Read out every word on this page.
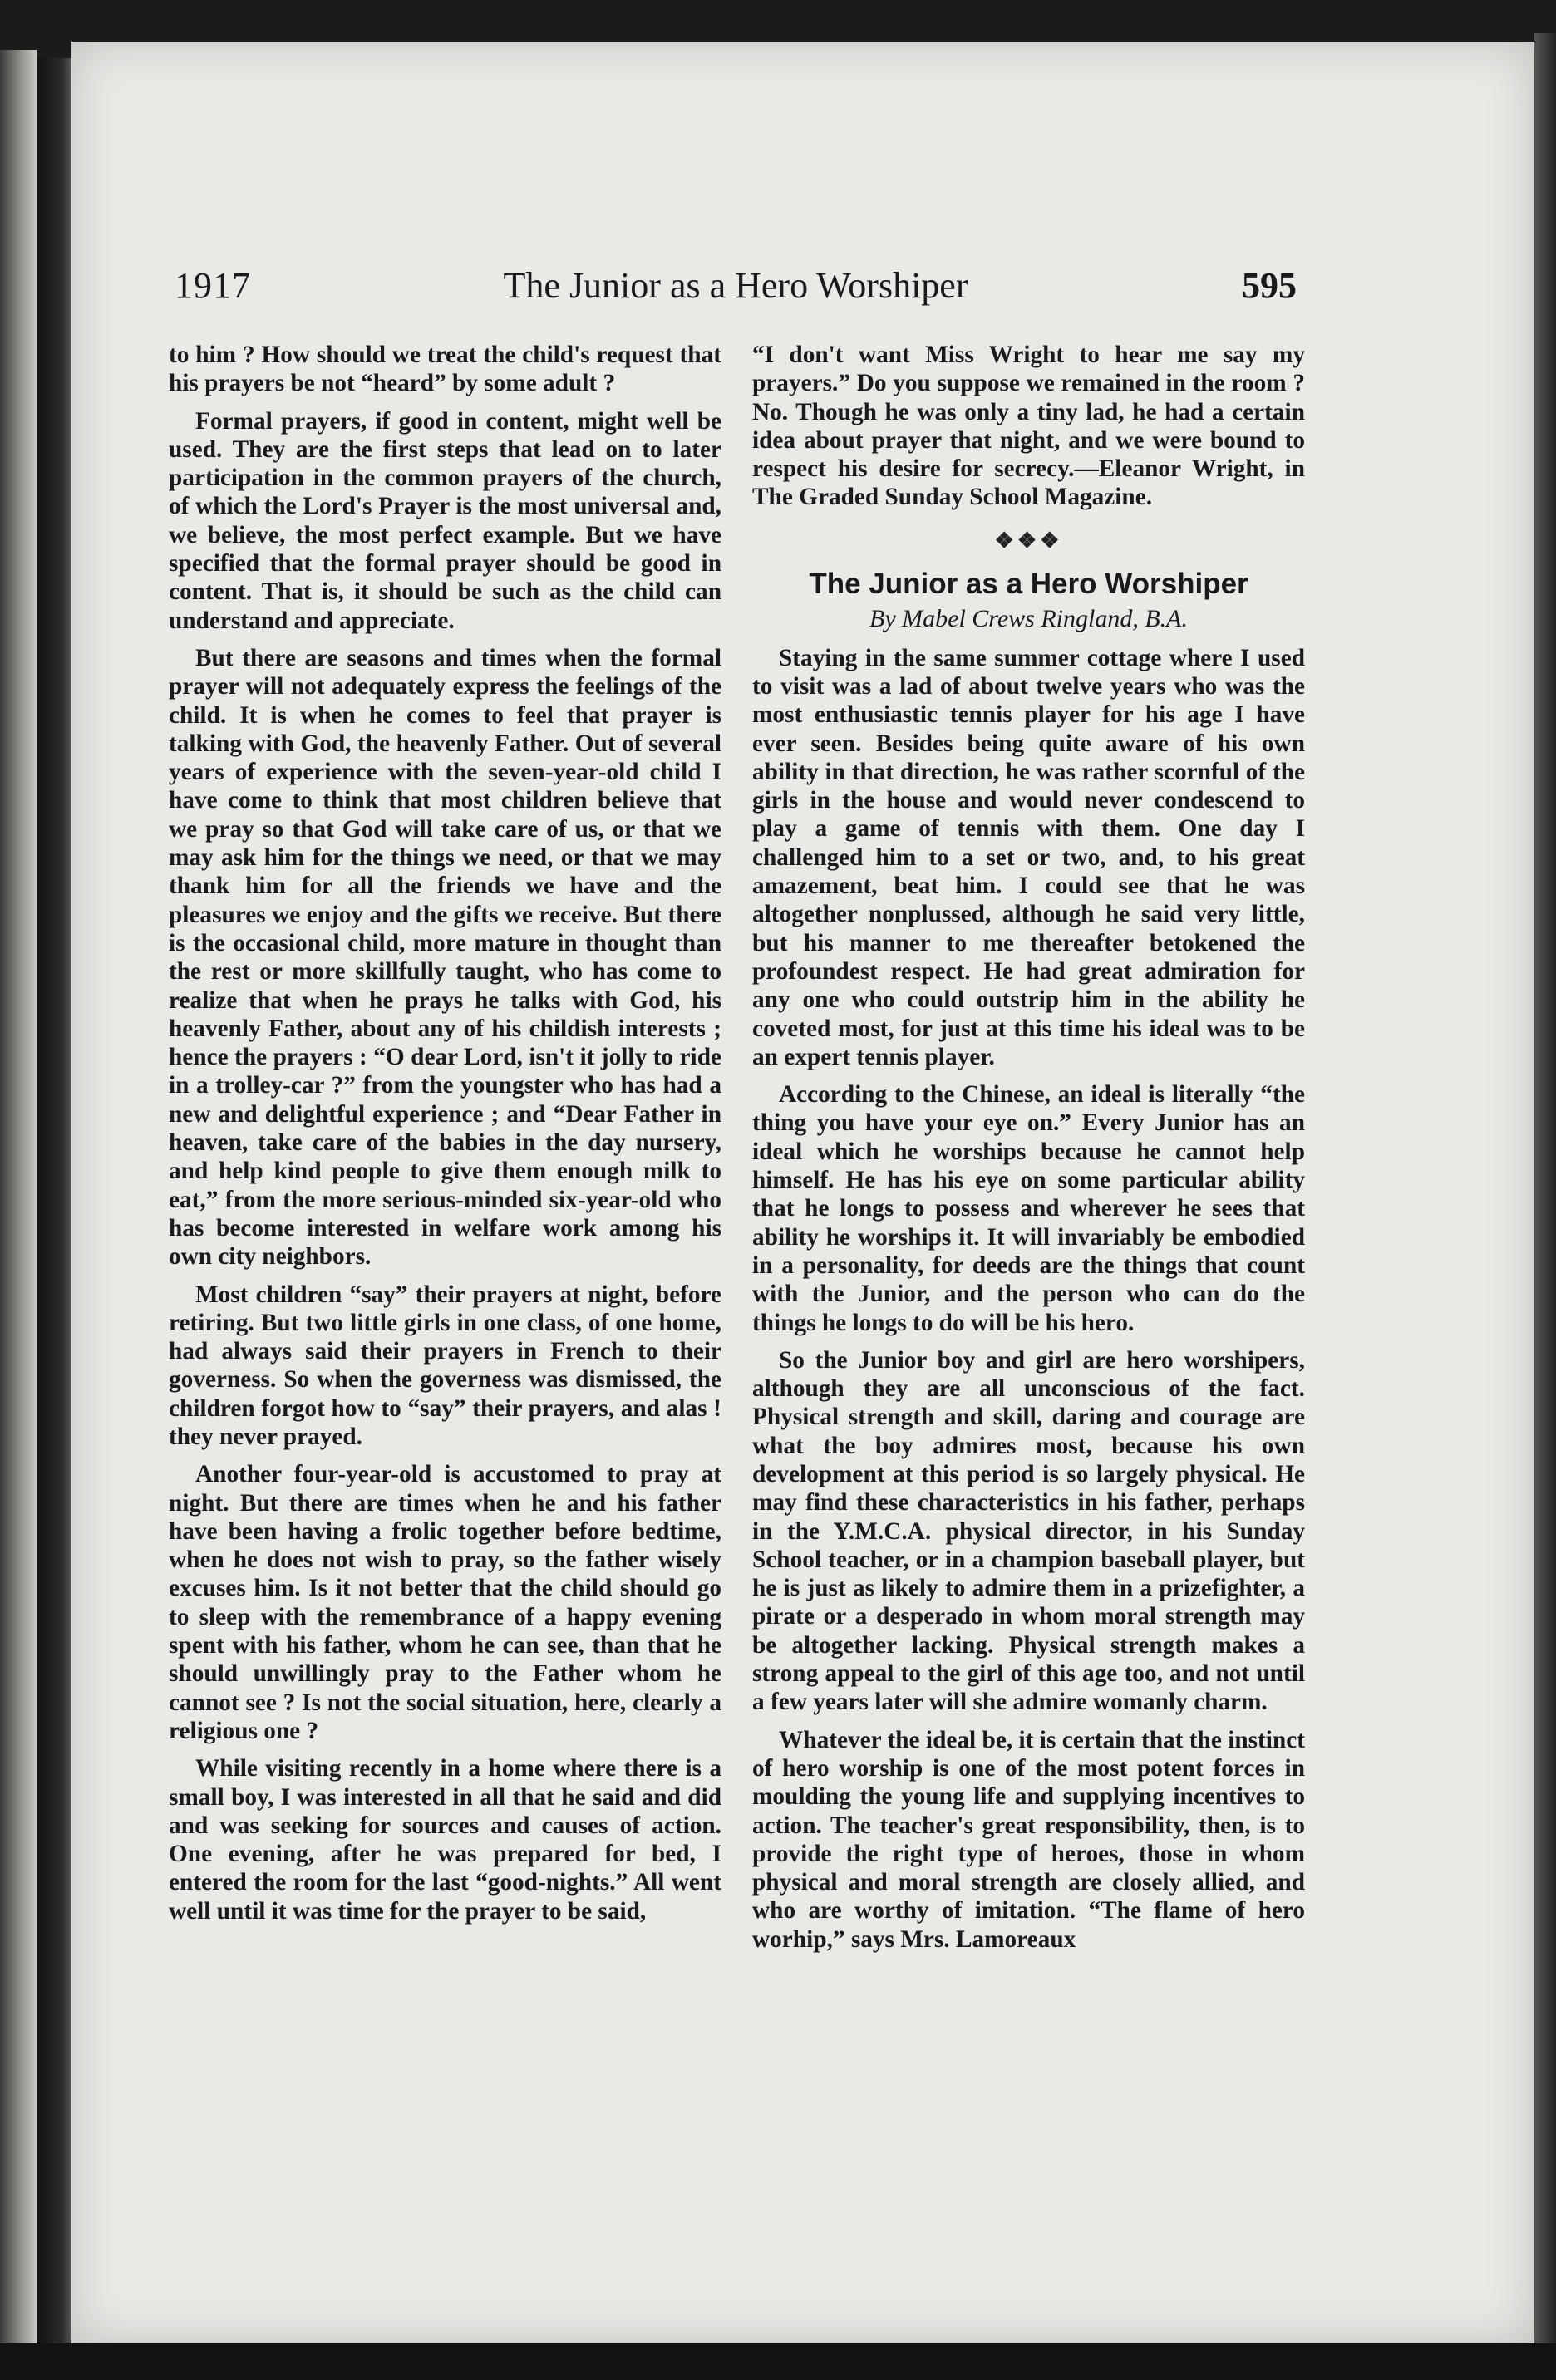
1917	The Junior as a Hero Worshiper	595

to him ? How should we treat the child's request that his prayers be not “heard” by some adult ?

Formal prayers, if good in content, might well be used. They are the first steps that lead on to later participation in the common prayers of the church, of which the Lord's Prayer is the most universal and, we believe, the most perfect example. But we have specified that the formal prayer should be good in content. That is, it should be such as the child can understand and appreciate.

But there are seasons and times when the formal prayer will not adequately express the feelings of the child. It is when he comes to feel that prayer is talking with God, the heavenly Father. Out of several years of experience with the seven-year-old child I have come to think that most children believe that we pray so that God will take care of us, or that we may ask him for the things we need, or that we may thank him for all the friends we have and the pleasures we enjoy and the gifts we receive. But there is the occasional child, more mature in thought than the rest or more skillfully taught, who has come to realize that when he prays he talks with God, his heavenly Father, about any of his childish interests ; hence the prayers : “O dear Lord, isn't it jolly to ride in a trolley-car ?” from the youngster who has had a new and delightful experience ; and “Dear Father in heaven, take care of the babies in the day nursery, and help kind people to give them enough milk to eat,” from the more serious-minded six-year-old who has become interested in welfare work among his own city neighbors.

Most children “say” their prayers at night, before retiring. But two little girls in one class, of one home, had always said their prayers in French to their governess. So when the governess was dismissed, the children forgot how to “say” their prayers, and alas ! they never prayed.

Another four-year-old is accustomed to pray at night. But there are times when he and his father have been having a frolic together before bedtime, when he does not wish to pray, so the father wisely excuses him. Is it not better that the child should go to sleep with the remembrance of a happy evening spent with his father, whom he can see, than that he should unwillingly pray to the Father whom he cannot see ? Is not the social situation, here, clearly a religious one ?

While visiting recently in a home where there is a small boy, I was interested in all that he said and did and was seeking for sources and causes of action. One evening, after he was prepared for bed, I entered the room for the last “good-nights.” All went well until it was time for the prayer to be said,

“I don't want Miss Wright to hear me say my prayers.” Do you suppose we remained in the room ? No. Though he was only a tiny lad, he had a certain idea about prayer that night, and we were bound to respect his desire for secrecy.—Eleanor Wright, in The Graded Sunday School Magazine.

❖❖❖
The Junior as a Hero Worshiper
By Mabel Crews Ringland, B.A.

Staying in the same summer cottage where I used to visit was a lad of about twelve years who was the most enthusiastic tennis player for his age I have ever seen. Besides being quite aware of his own ability in that direction, he was rather scornful of the girls in the house and would never condescend to play a game of tennis with them. One day I challenged him to a set or two, and, to his great amazement, beat him. I could see that he was altogether nonplussed, although he said very little, but his manner to me thereafter betokened the profoundest respect. He had great admiration for any one who could outstrip him in the ability he coveted most, for just at this time his ideal was to be an expert tennis player.

According to the Chinese, an ideal is literally “the thing you have your eye on.” Every Junior has an ideal which he worships because he cannot help himself. He has his eye on some particular ability that he longs to possess and wherever he sees that ability he worships it. It will invariably be embodied in a personality, for deeds are the things that count with the Junior, and the person who can do the things he longs to do will be his hero.

So the Junior boy and girl are hero worshipers, although they are all unconscious of the fact. Physical strength and skill, daring and courage are what the boy admires most, because his own development at this period is so largely physical. He may find these characteristics in his father, perhaps in the Y.M.C.A. physical director, in his Sunday School teacher, or in a champion baseball player, but he is just as likely to admire them in a prizefighter, a pirate or a desperado in whom moral strength may be altogether lacking. Physical strength makes a strong appeal to the girl of this age too, and not until a few years later will she admire womanly charm.

Whatever the ideal be, it is certain that the instinct of hero worship is one of the most potent forces in moulding the young life and supplying incentives to action. The teacher's great responsibility, then, is to provide the right type of heroes, those in whom physical and moral strength are closely allied, and who are worthy of imitation. “The flame of hero worhip,” says Mrs. Lamoreaux
